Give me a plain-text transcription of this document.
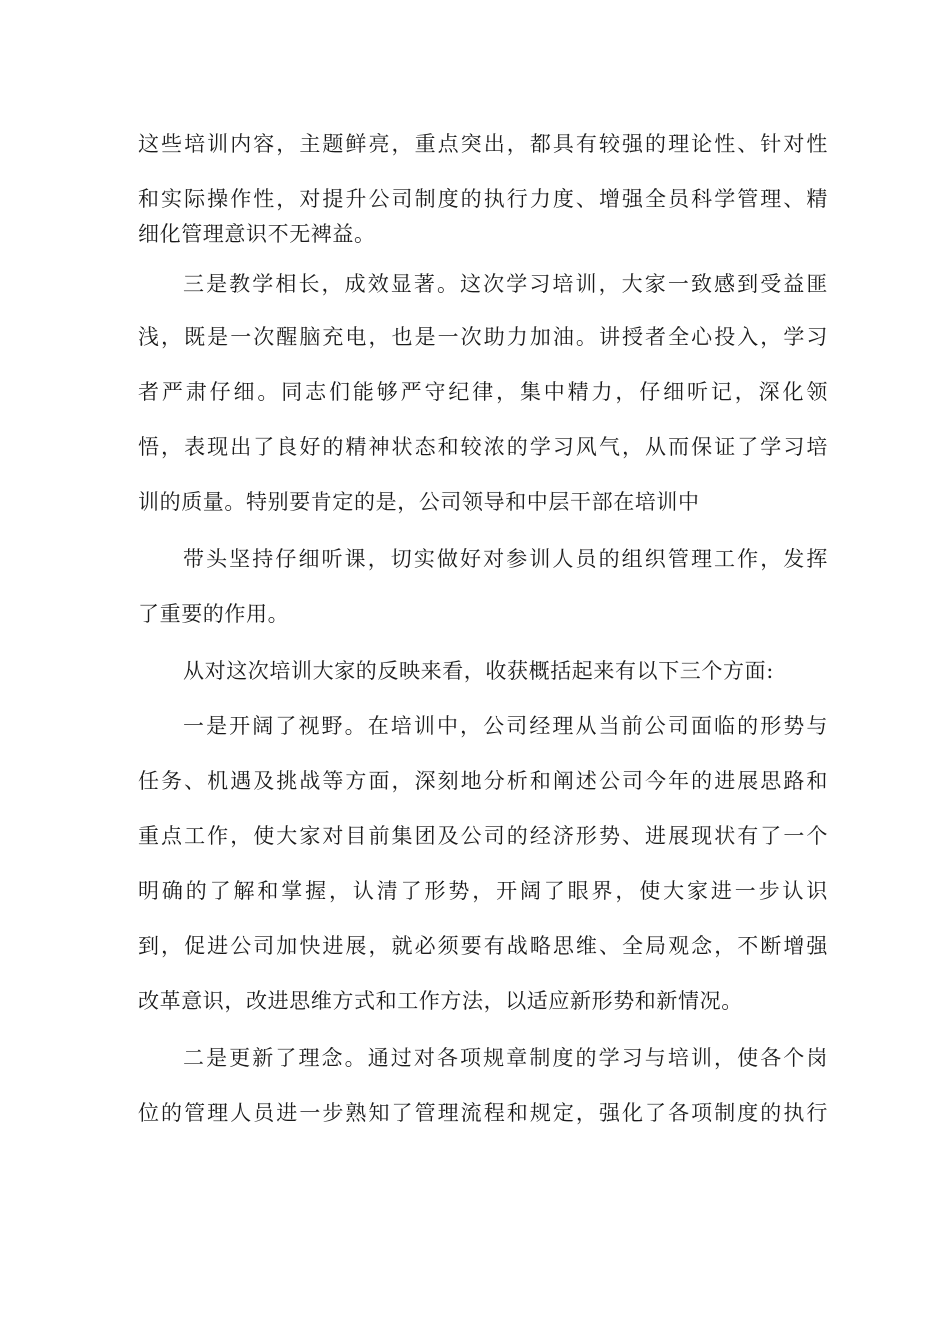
这些培训内容，主题鲜亮，重点突出，都具有较强的理论性、针对性
和实际操作性，对提升公司制度的执行力度、增强全员科学管理、精
细化管理意识不无裨益。
三是教学相长，成效显著。这次学习培训，大家一致感到受益匪
浅，既是一次醒脑充电，也是一次助力加油。讲授者全心投入，学习
者严肃仔细。同志们能够严守纪律，集中精力，仔细听记，深化领
悟，表现出了良好的精神状态和较浓的学习风气，从而保证了学习培
训的质量。特别要肯定的是，公司领导和中层干部在培训中
带头坚持仔细听课，切实做好对参训人员的组织管理工作，发挥
了重要的作用。
从对这次培训大家的反映来看，收获概括起来有以下三个方面:
一是开阔了视野。在培训中，公司经理从当前公司面临的形势与
任务、机遇及挑战等方面，深刻地分析和阐述公司今年的进展思路和
重点工作，使大家对目前集团及公司的经济形势、进展现状有了一个
明确的了解和掌握，认清了形势，开阔了眼界，使大家进一步认识
到，促进公司加快进展，就必须要有战略思维、全局观念，不断增强
改革意识，改进思维方式和工作方法，以适应新形势和新情况。
二是更新了理念。通过对各项规章制度的学习与培训，使各个岗
位的管理人员进一步熟知了管理流程和规定，强化了各项制度的执行
